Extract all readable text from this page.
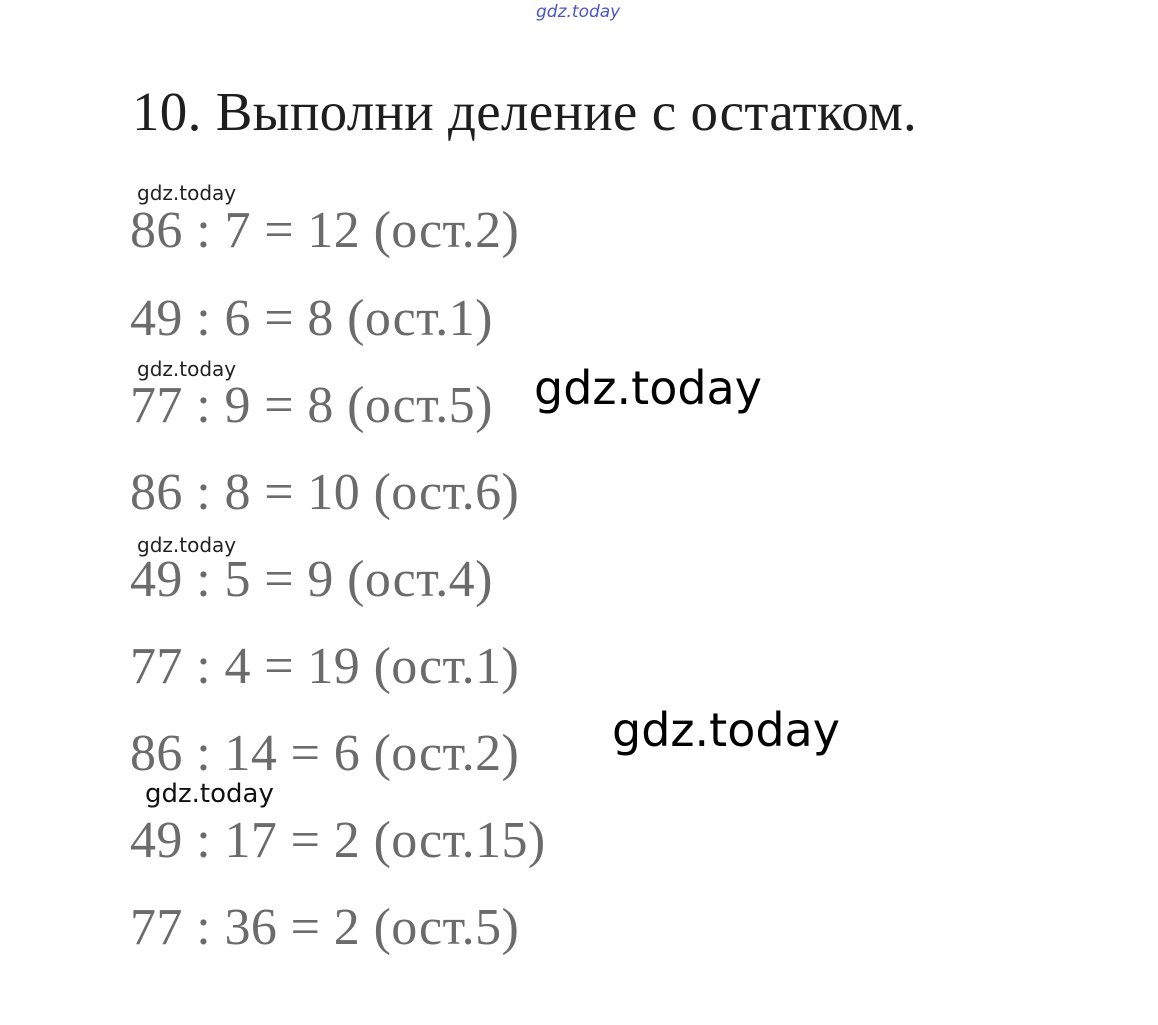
gdz.today
10. Выполни деление с остатком.
gdz.today
86 : 7 = 12 (ост.2)
49 : 6 = 8 (ост.1)
gdz.today
77 : 9 = 8 (ост.5) gdz.today
86 : 8 = 10 (ост.6)
gdz.today
49 : 5 = 9 (ост.4)
77 : 4 = 19 (ост.1)
86 : 14 = 6 (ост.2) gdz.today
gdz.today
49 : 17 = 2 (ост.15)
77 : 36 = 2 (ост.5)
